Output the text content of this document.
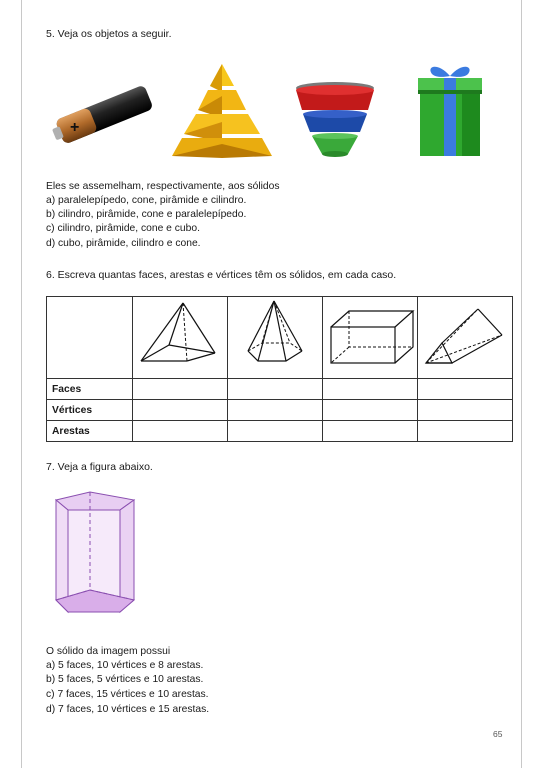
5. Veja os objetos a seguir.
+
Eles se assemelham, respectivamente, aos sólidos
a) paralelepípedo, cone, pirâmide e cilindro.
b) cilindro, pirâmide, cone e paralelepípedo.
c) cilindro, pirâmide, cone e cubo.
d) cubo, pirâmide, cilindro e cone.
6. Escreva quantas faces, arestas e vértices têm os sólidos, em cada caso.

Faces				
Vértices				
Arestas				
7. Veja a figura abaixo.
O sólido da imagem possui
a) 5 faces, 10 vértices e 8 arestas.
b) 5 faces, 5 vértices e 10 arestas.
c) 7 faces, 15 vértices e 10 arestas.
d) 7 faces, 10 vértices e 15 arestas.
65
